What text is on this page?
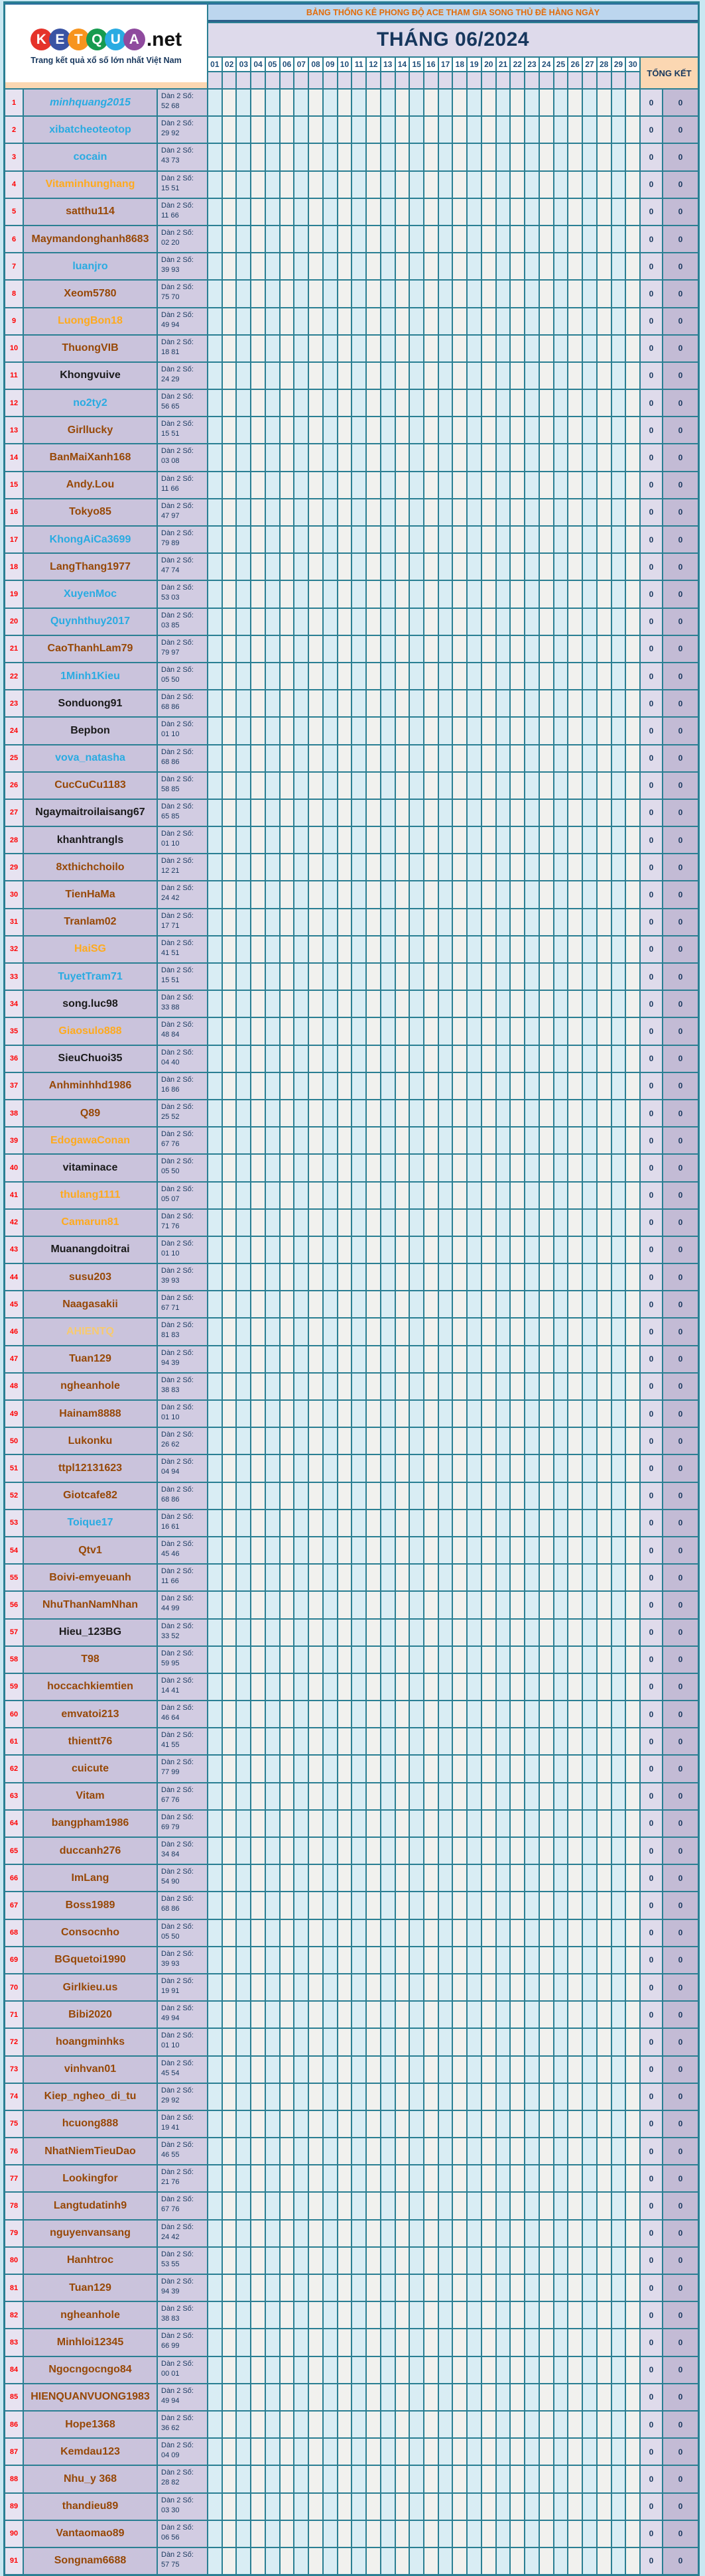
K E T Q U A .net
Trang kết quả xổ số lớn nhất Việt Nam
BẢNG THỐNG KÊ PHONG ĐỘ ACE THAM GIA SONG THỦ ĐỀ HÀNG NGÀY
THÁNG 06/2024
TỔNG KẾT
01 02 03 04 05 06 07 08 09 10 11 12 13 14 15 16 17 18 19 20 21 22 23 24 25 26 27 28 29 30
1	minhquang2015
Dàn 2 Số:
52 68	0	0
2	xibatcheoteotop
Dàn 2 Số:
29 92	0	0
3	cocain
Dàn 2 Số:
43 73	0	0
4	Vitaminhunghang
Dàn 2 Số:
15 51	0	0
5	satthu114
Dàn 2 Số:
11 66	0	0
6	Maymandonghanh8683
Dàn 2 Số:
02 20	0	0
7	luanjro
Dàn 2 Số:
39 93	0	0
8	Xeom5780
Dàn 2 Số:
75 70	0	0
9	LuongBon18
Dàn 2 Số:
49 94	0	0
10	ThuongVIB
Dàn 2 Số:
18 81	0	0
11	Khongvuive
Dàn 2 Số:
24 29	0	0
12	no2ty2
Dàn 2 Số:
56 65	0	0
13	Girllucky
Dàn 2 Số:
15 51	0	0
14	BanMaiXanh168
Dàn 2 Số:
03 08	0	0
15	Andy.Lou
Dàn 2 Số:
11 66	0	0
16	Tokyo85
Dàn 2 Số:
47 97	0	0
17	KhongAiCa3699
Dàn 2 Số:
79 89	0	0
18	LangThang1977
Dàn 2 Số:
47 74	0	0
19	XuyenMoc
Dàn 2 Số:
53 03	0	0
20	Quynhthuy2017
Dàn 2 Số:
03 85	0	0
21	CaoThanhLam79
Dàn 2 Số:
79 97	0	0
22	1Minh1Kieu
Dàn 2 Số:
05 50	0	0
23	Sonduong91
Dàn 2 Số:
68 86	0	0
24	Bepbon
Dàn 2 Số:
01 10	0	0
25	vova_natasha
Dàn 2 Số:
68 86	0	0
26	CucCuCu1183
Dàn 2 Số:
58 85	0	0
27	Ngaymaitroilaisang67
Dàn 2 Số:
65 85	0	0
28	khanhtrangls
Dàn 2 Số:
01 10	0	0
29	8xthichchoilo
Dàn 2 Số:
12 21	0	0
30	TienHaMa
Dàn 2 Số:
24 42	0	0
31	Tranlam02
Dàn 2 Số:
17 71	0	0
32	HaiSG
Dàn 2 Số:
41 51	0	0
33	TuyetTram71
Dàn 2 Số:
15 51	0	0
34	song.luc98
Dàn 2 Số:
33 88	0	0
35	Giaosulo888
Dàn 2 Số:
48 84	0	0
36	SieuChuoi35
Dàn 2 Số:
04 40	0	0
37	Anhminhhd1986
Dàn 2 Số:
16 86	0	0
38	Q89
Dàn 2 Số:
25 52	0	0
39	EdogawaConan
Dàn 2 Số:
67 76	0	0
40	vitaminace
Dàn 2 Số:
05 50	0	0
41	thulang1111
Dàn 2 Số:
05 07	0	0
42	Camarun81
Dàn 2 Số:
71 76	0	0
43	Muanangdoitrai
Dàn 2 Số:
01 10	0	0
44	susu203
Dàn 2 Số:
39 93	0	0
45	Naagasakii
Dàn 2 Số:
67 71	0	0
46	AHIENTQ
Dàn 2 Số:
81 83	0	0
47	Tuan129
Dàn 2 Số:
94 39	0	0
48	ngheanhole
Dàn 2 Số:
38 83	0	0
49	Hainam8888
Dàn 2 Số:
01 10	0	0
50	Lukonku
Dàn 2 Số:
26 62	0	0
51	ttpl12131623
Dàn 2 Số:
04 94	0	0
52	Giotcafe82
Dàn 2 Số:
68 86	0	0
53	Toique17
Dàn 2 Số:
16 61	0	0
54	Qtv1
Dàn 2 Số:
45 46	0	0
55	Boivi-emyeuanh
Dàn 2 Số:
11 66	0	0
56	NhuThanNamNhan
Dàn 2 Số:
44 99	0	0
57	Hieu_123BG
Dàn 2 Số:
33 52	0	0
58	T98
Dàn 2 Số:
59 95	0	0
59	hoccachkiemtien
Dàn 2 Số:
14 41	0	0
60	emvatoi213
Dàn 2 Số:
46 64	0	0
61	thientt76
Dàn 2 Số:
41 55	0	0
62	cuicute
Dàn 2 Số:
77 99	0	0
63	Vitam
Dàn 2 Số:
67 76	0	0
64	bangpham1986
Dàn 2 Số:
69 79	0	0
65	duccanh276
Dàn 2 Số:
34 84	0	0
66	ImLang
Dàn 2 Số:
54 90	0	0
67	Boss1989
Dàn 2 Số:
68 86	0	0
68	Consocnho
Dàn 2 Số:
05 50	0	0
69	BGquetoi1990
Dàn 2 Số:
39 93	0	0
70	Girlkieu.us
Dàn 2 Số:
19 91	0	0
71	Bibi2020
Dàn 2 Số:
49 94	0	0
72	hoangminhks
Dàn 2 Số:
01 10	0	0
73	vinhvan01
Dàn 2 Số:
45 54	0	0
74	Kiep_ngheo_di_tu
Dàn 2 Số:
29 92	0	0
75	hcuong888
Dàn 2 Số:
19 41	0	0
76	NhatNiemTieuDao
Dàn 2 Số:
46 55	0	0
77	Lookingfor
Dàn 2 Số:
21 76	0	0
78	Langtudatinh9
Dàn 2 Số:
67 76	0	0
79	nguyenvansang
Dàn 2 Số:
24 42	0	0
80	Hanhtroc
Dàn 2 Số:
53 55	0	0
81	Tuan129
Dàn 2 Số:
94 39	0	0
82	ngheanhole
Dàn 2 Số:
38 83	0	0
83	Minhloi12345
Dàn 2 Số:
66 99	0	0
84	Ngocngocngo84
Dàn 2 Số:
00 01	0	0
85	HIENQUANVUONG1983
Dàn 2 Số:
49 94	0	0
86	Hope1368
Dàn 2 Số:
36 62	0	0
87	Kemdau123
Dàn 2 Số:
04 09	0	0
88	Nhu_y 368
Dàn 2 Số:
28 82	0	0
89	thandieu89
Dàn 2 Số:
03 30	0	0
90	Vantaomao89
Dàn 2 Số:
06 56	0	0
91	Songnam6688
Dàn 2 Số:
57 75	0	0
